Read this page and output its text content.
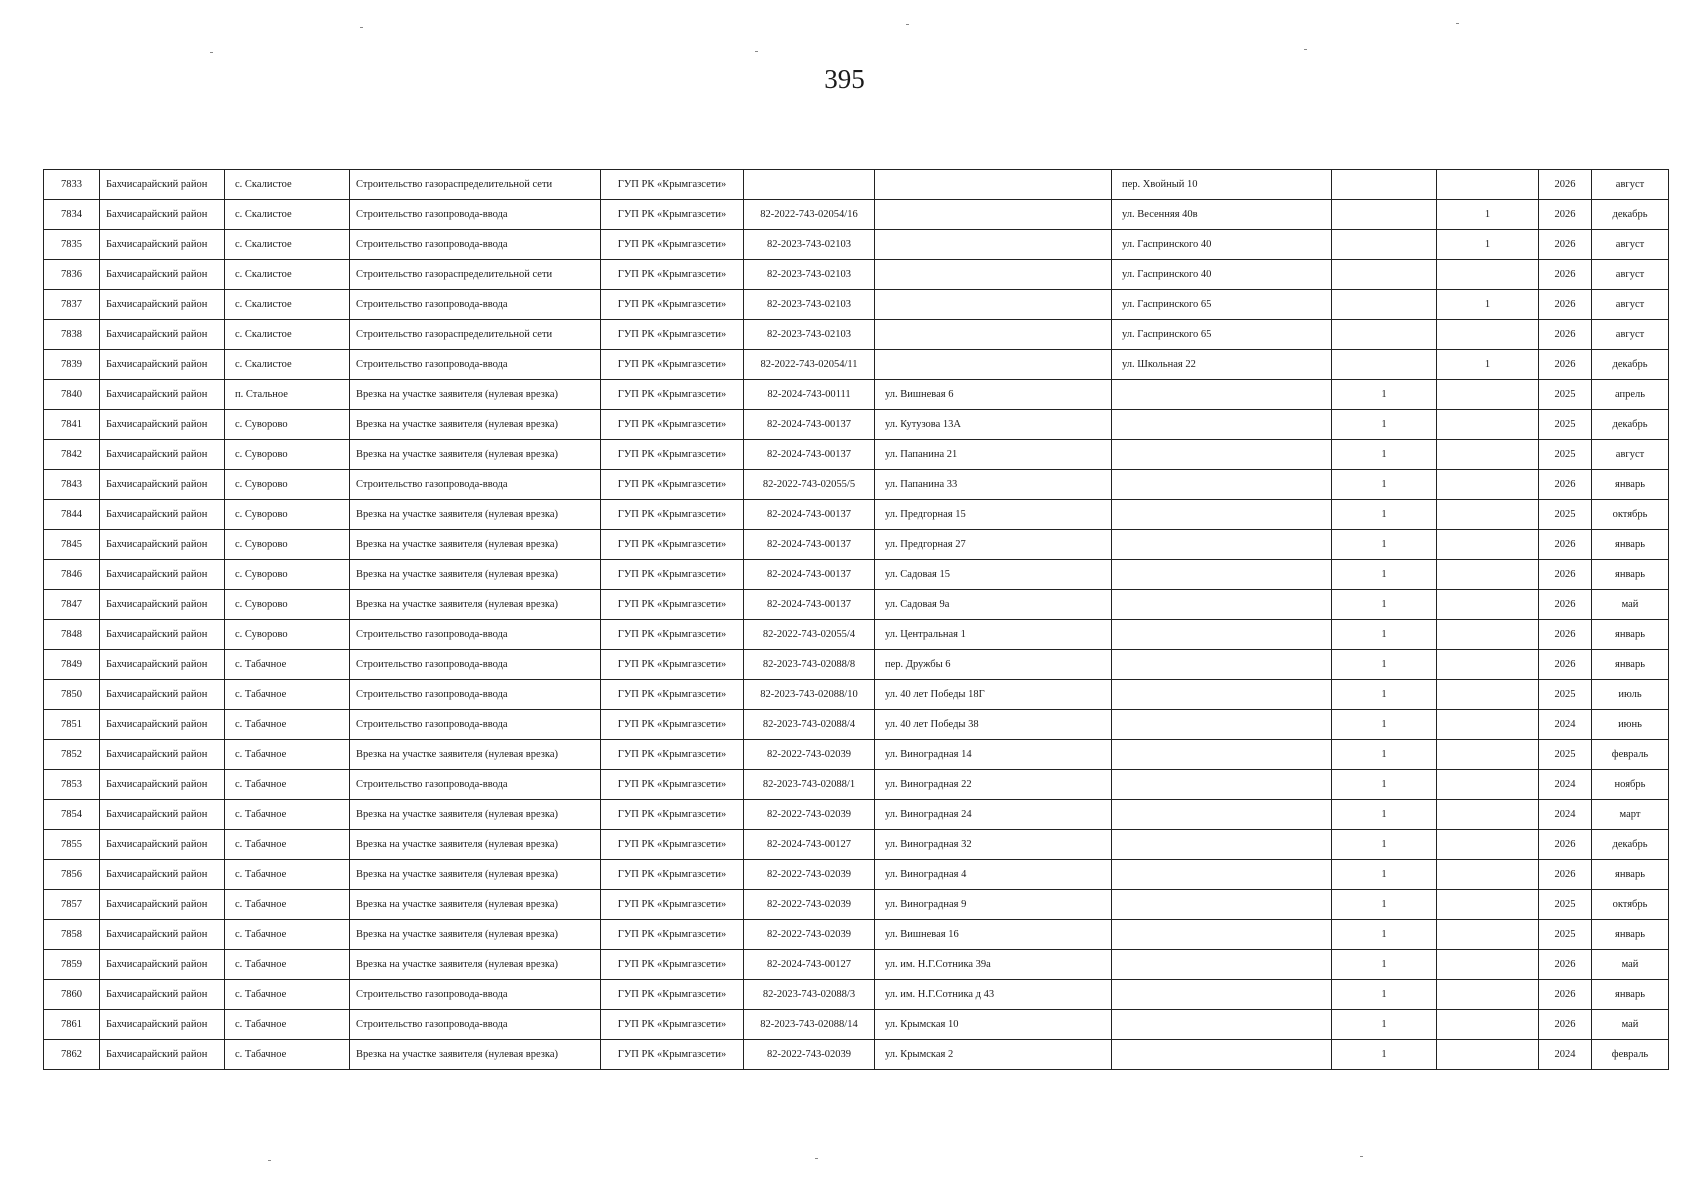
395
7833	Бахчисарайский район	с. Скалистое	Строительство газораспределительной сети	ГУП РК «Крымгазсети»			пер. Хвойный 10			2026	август
7834	Бахчисарайский район	с. Скалистое	Строительство газопровода-ввода	ГУП РК «Крымгазсети»	82-2022-743-02054/16		ул. Весенняя 40в		1	2026	декабрь
7835	Бахчисарайский район	с. Скалистое	Строительство газопровода-ввода	ГУП РК «Крымгазсети»	82-2023-743-02103		ул. Гаспринского 40		1	2026	август
7836	Бахчисарайский район	с. Скалистое	Строительство газораспределительной сети	ГУП РК «Крымгазсети»	82-2023-743-02103		ул. Гаспринского 40			2026	август
7837	Бахчисарайский район	с. Скалистое	Строительство газопровода-ввода	ГУП РК «Крымгазсети»	82-2023-743-02103		ул. Гаспринского 65		1	2026	август
7838	Бахчисарайский район	с. Скалистое	Строительство газораспределительной сети	ГУП РК «Крымгазсети»	82-2023-743-02103		ул. Гаспринского 65			2026	август
7839	Бахчисарайский район	с. Скалистое	Строительство газопровода-ввода	ГУП РК «Крымгазсети»	82-2022-743-02054/11		ул. Школьная 22		1	2026	декабрь
7840	Бахчисарайский район	п. Стальное	Врезка на участке заявителя (нулевая врезка)	ГУП РК «Крымгазсети»	82-2024-743-00111	ул. Вишневая 6		1		2025	апрель
7841	Бахчисарайский район	с. Суворово	Врезка на участке заявителя (нулевая врезка)	ГУП РК «Крымгазсети»	82-2024-743-00137	ул. Кутузова 13А		1		2025	декабрь
7842	Бахчисарайский район	с. Суворово	Врезка на участке заявителя (нулевая врезка)	ГУП РК «Крымгазсети»	82-2024-743-00137	ул. Папанина 21		1		2025	август
7843	Бахчисарайский район	с. Суворово	Строительство газопровода-ввода	ГУП РК «Крымгазсети»	82-2022-743-02055/5	ул. Папанина 33		1		2026	январь
7844	Бахчисарайский район	с. Суворово	Врезка на участке заявителя (нулевая врезка)	ГУП РК «Крымгазсети»	82-2024-743-00137	ул. Предгорная 15		1		2025	октябрь
7845	Бахчисарайский район	с. Суворово	Врезка на участке заявителя (нулевая врезка)	ГУП РК «Крымгазсети»	82-2024-743-00137	ул. Предгорная 27		1		2026	январь
7846	Бахчисарайский район	с. Суворово	Врезка на участке заявителя (нулевая врезка)	ГУП РК «Крымгазсети»	82-2024-743-00137	ул. Садовая 15		1		2026	январь
7847	Бахчисарайский район	с. Суворово	Врезка на участке заявителя (нулевая врезка)	ГУП РК «Крымгазсети»	82-2024-743-00137	ул. Садовая 9а		1		2026	май
7848	Бахчисарайский район	с. Суворово	Строительство газопровода-ввода	ГУП РК «Крымгазсети»	82-2022-743-02055/4	ул. Центральная 1		1		2026	январь
7849	Бахчисарайский район	с. Табачное	Строительство газопровода-ввода	ГУП РК «Крымгазсети»	82-2023-743-02088/8	пер. Дружбы 6		1		2026	январь
7850	Бахчисарайский район	с. Табачное	Строительство газопровода-ввода	ГУП РК «Крымгазсети»	82-2023-743-02088/10	ул. 40 лет Победы 18Г		1		2025	июль
7851	Бахчисарайский район	с. Табачное	Строительство газопровода-ввода	ГУП РК «Крымгазсети»	82-2023-743-02088/4	ул. 40 лет Победы 38		1		2024	июнь
7852	Бахчисарайский район	с. Табачное	Врезка на участке заявителя (нулевая врезка)	ГУП РК «Крымгазсети»	82-2022-743-02039	ул. Виноградная 14		1		2025	февраль
7853	Бахчисарайский район	с. Табачное	Строительство газопровода-ввода	ГУП РК «Крымгазсети»	82-2023-743-02088/1	ул. Виноградная 22		1		2024	ноябрь
7854	Бахчисарайский район	с. Табачное	Врезка на участке заявителя (нулевая врезка)	ГУП РК «Крымгазсети»	82-2022-743-02039	ул. Виноградная 24		1		2024	март
7855	Бахчисарайский район	с. Табачное	Врезка на участке заявителя (нулевая врезка)	ГУП РК «Крымгазсети»	82-2024-743-00127	ул. Виноградная 32		1		2026	декабрь
7856	Бахчисарайский район	с. Табачное	Врезка на участке заявителя (нулевая врезка)	ГУП РК «Крымгазсети»	82-2022-743-02039	ул. Виноградная 4		1		2026	январь
7857	Бахчисарайский район	с. Табачное	Врезка на участке заявителя (нулевая врезка)	ГУП РК «Крымгазсети»	82-2022-743-02039	ул. Виноградная 9		1		2025	октябрь
7858	Бахчисарайский район	с. Табачное	Врезка на участке заявителя (нулевая врезка)	ГУП РК «Крымгазсети»	82-2022-743-02039	ул. Вишневая 16		1		2025	январь
7859	Бахчисарайский район	с. Табачное	Врезка на участке заявителя (нулевая врезка)	ГУП РК «Крымгазсети»	82-2024-743-00127	ул. им. Н.Г.Сотника 39а		1		2026	май
7860	Бахчисарайский район	с. Табачное	Строительство газопровода-ввода	ГУП РК «Крымгазсети»	82-2023-743-02088/3	ул. им. Н.Г.Сотника д 43		1		2026	январь
7861	Бахчисарайский район	с. Табачное	Строительство газопровода-ввода	ГУП РК «Крымгазсети»	82-2023-743-02088/14	ул. Крымская 10		1		2026	май
7862	Бахчисарайский район	с. Табачное	Врезка на участке заявителя (нулевая врезка)	ГУП РК «Крымгазсети»	82-2022-743-02039	ул. Крымская 2		1		2024	февраль
